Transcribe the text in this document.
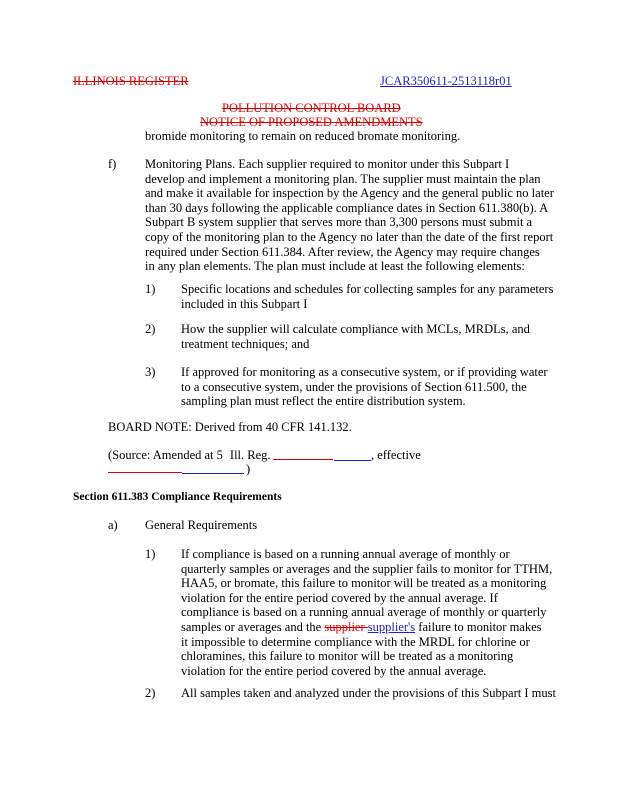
ILLINOIS REGISTER	JCAR350611-2513118r01
POLLUTION CONTROL BOARD
NOTICE OF PROPOSED AMENDMENTS
bromide monitoring to remain on reduced bromate monitoring.
f) Monitoring Plans. Each supplier required to monitor under this Subpart I
develop and implement a monitoring plan. The supplier must maintain the plan
and make it available for inspection by the Agency and the general public no later
than 30 days following the applicable compliance dates in Section 611.380(b). A
Subpart B system supplier that serves more than 3,300 persons must submit a
copy of the monitoring plan to the Agency no later than the date of the first report
required under Section 611.384. After review, the Agency may require changes
in any plan elements. The plan must include at least the following elements:
1) Specific locations and schedules for collecting samples for any parameters
included in this Subpart I
2) How the supplier will calculate compliance with MCLs, MRDLs, and
treatment techniques; and
3) If approved for monitoring as a consecutive system, or if providing water
to a consecutive system, under the provisions of Section 611.500, the
sampling plan must reflect the entire distribution system.
BOARD NOTE: Derived from 40 CFR 141.132.
(Source: Amended at 5 Ill. Reg.	, effective
)
Section 611.383 Compliance Requirements
a) General Requirements
1) If compliance is based on a running annual average of monthly or
quarterly samples or averages and the supplier fails to monitor for TTHM,
HAA5, or bromate, this failure to monitor will be treated as a monitoring
violation for the entire period covered by the annual average. If
compliance is based on a running annual average of monthly or quarterly
samples or averages and the supplier supplier's failure to monitor makes
it impossible to determine compliance with the MRDL for chlorine or
chloramines, this failure to monitor will be treated as a monitoring
violation for the entire period covered by the annual average.
2) All samples taken and analyzed under the provisions of this Subpart I must
